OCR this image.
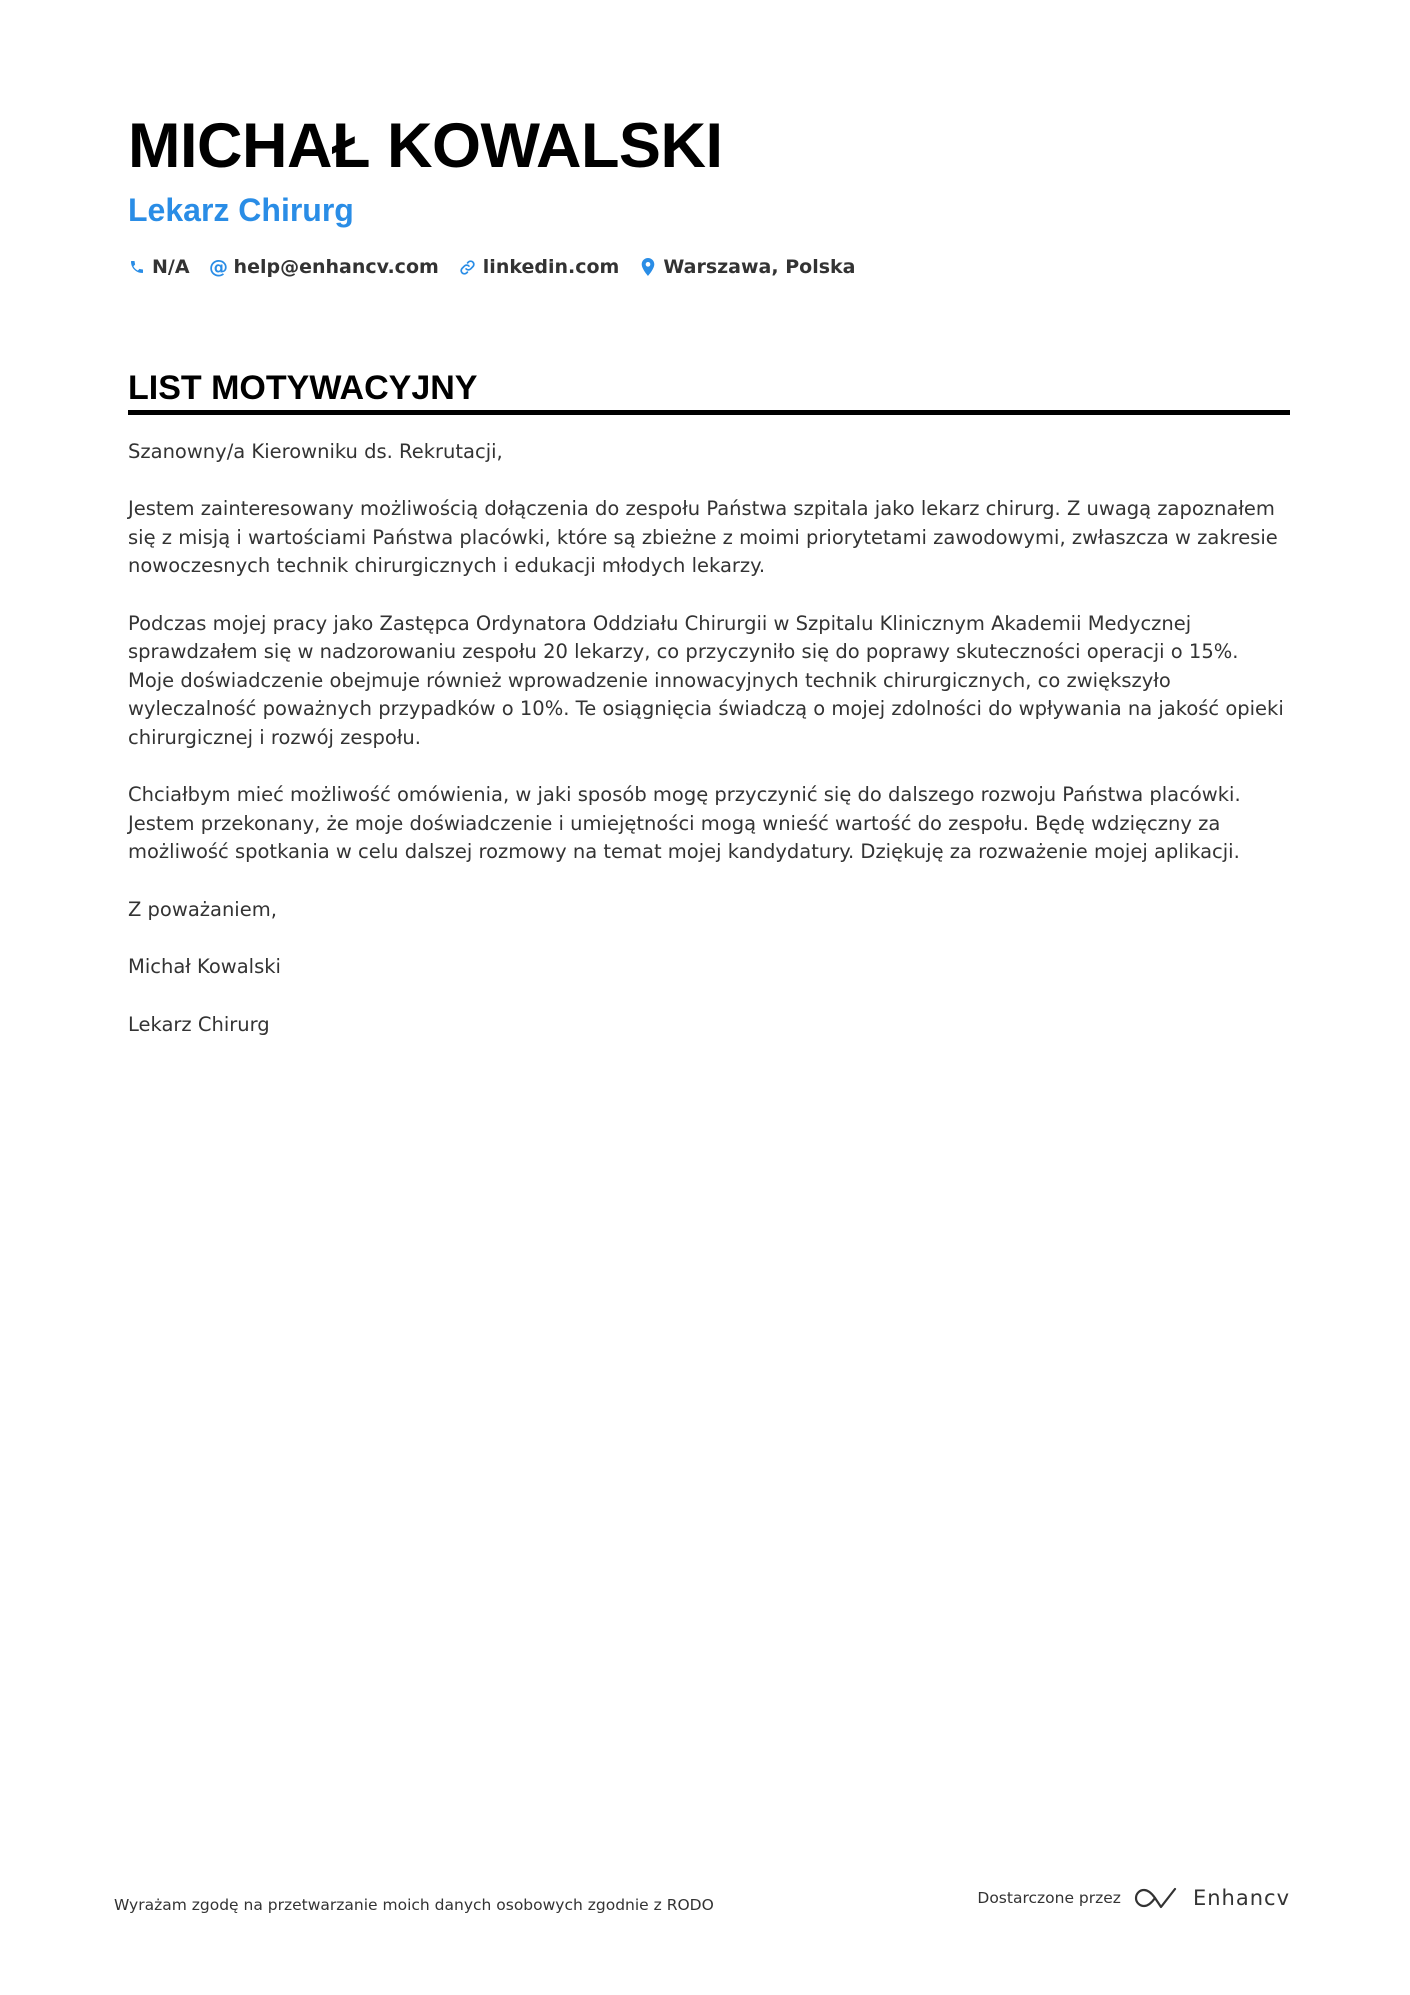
MICHAŁ KOWALSKI
Lekarz Chirurg
N/A @ help@enhancv.com linkedin.com Warszawa, Polska
LIST MOTYWACYJNY

Szanowny/a Kierowniku ds. Rekrutacji,

Jestem zainteresowany możliwością dołączenia do zespołu Państwa szpitala jako lekarz chirurg. Z uwagą zapoznałem się z misją i wartościami Państwa placówki, które są zbieżne z moimi priorytetami zawodowymi, zwłaszcza w zakresie nowoczesnych technik chirurgicznych i edukacji młodych lekarzy.

Podczas mojej pracy jako Zastępca Ordynatora Oddziału Chirurgii w Szpitalu Klinicznym Akademii Medycznej sprawdzałem się w nadzorowaniu zespołu 20 lekarzy, co przyczyniło się do poprawy skuteczności operacji o 15%. Moje doświadczenie obejmuje również wprowadzenie innowacyjnych technik chirurgicznych, co zwiększyło wyleczalność poważnych przypadków o 10%. Te osiągnięcia świadczą o mojej zdolności do wpływania na jakość opieki chirurgicznej i rozwój zespołu.

Chciałbym mieć możliwość omówienia, w jaki sposób mogę przyczynić się do dalszego rozwoju Państwa placówki. Jestem przekonany, że moje doświadczenie i umiejętności mogą wnieść wartość do zespołu. Będę wdzięczny za możliwość spotkania w celu dalszej rozmowy na temat mojej kandydatury. Dziękuję za rozważenie mojej aplikacji.

Z poważaniem,

Michał Kowalski

Lekarz Chirurg

Wyrażam zgodę na przetwarzanie moich danych osobowych zgodnie z RODO	Dostarczone przez	Enhancv
